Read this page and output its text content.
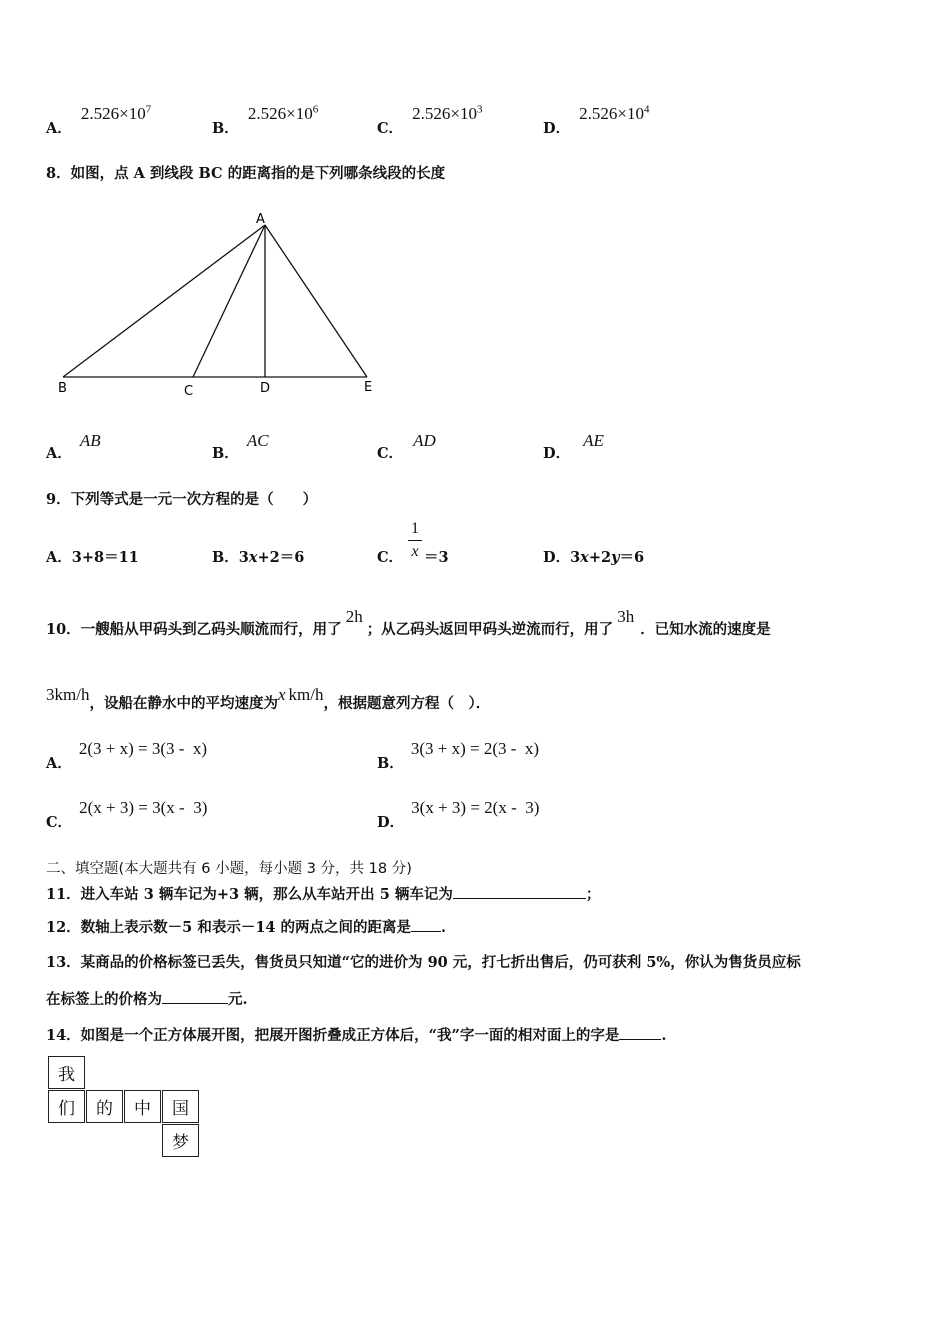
A． $2.526\times 10^7$
B． $2.526\times 10^6$
C． $2.526\times 10^3$
D． $2.526\times 10^4$
8．如图，点 A 到线段 BC 的距离指的是下列哪条线段的长度
A
B	C	D	E
A． AB
B． AC
C． AD
D． AE
9．下列等式是一元一次方程的是（　　）
A．3+8＝11	B．3x+2＝6	C．
1
x ＝3	D．3x+2y＝6
10．一艘船从甲码头到乙码头顺流而行，用了2h；从乙码头返回甲码头逆流而行，用了3h．已知水流的速度是
3km/h，设船在静水中的平均速度为x km/h，根据题意列方程（　）．
A． 2(3 + x) = 3(3 -  x)
B． 3(3 + x) = 2(3 -  x)
C． 2(x + 3) = 3(x -  3)
D． 3(x + 3) = 2(x -  3)
二、填空题(本大题共有 6 小题，每小题 3 分，共 18 分)
11．进入车站 3 辆车记为+3 辆，那么从车站开出 5 辆车记为	；
12．数轴上表示数－5 和表示－14 的两点之间的距离是 .
13．某商品的价格标签已丢失，售货员只知道“它的进价为 90 元，打七折出售后，仍可获利 5%，你认为售货员应标
在标签上的价格为	元.
14．如图是一个正方体展开图，把展开图折叠成正方体后，“我”字一面的相对面上的字是	.
我
们	的	中	国
梦
